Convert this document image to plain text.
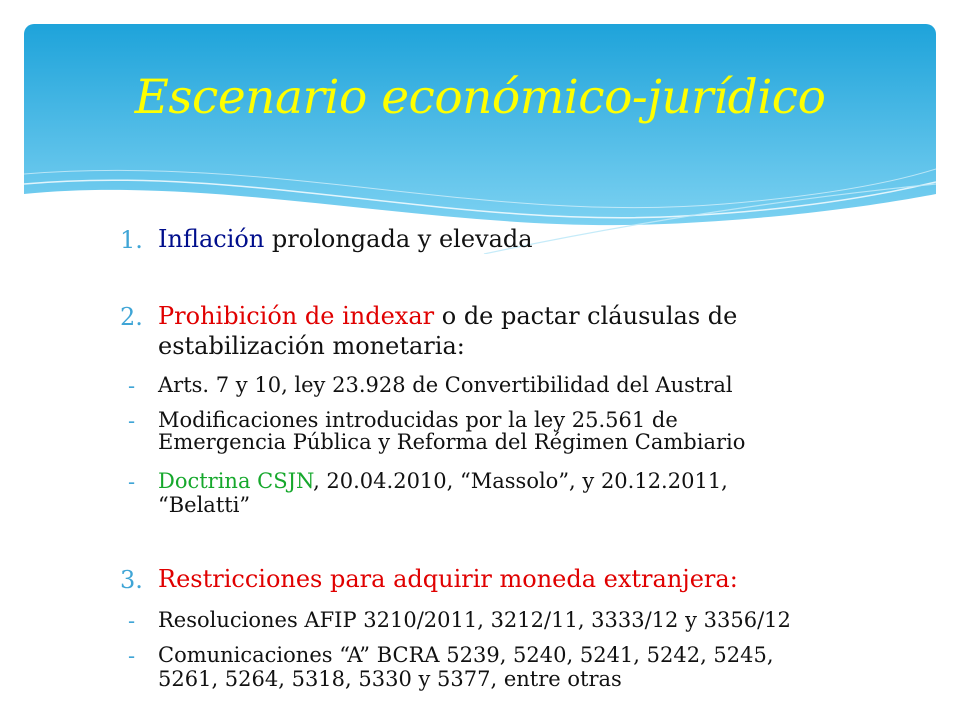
Escenario económico-jurídico
1. Inflación prolongada y elevada
2. Prohibición de indexar o de pactar cláusulas de
estabilización monetaria:
- Arts. 7 y 10, ley 23.928 de Convertibilidad del Austral
- Modificaciones introducidas por la ley 25.561 de
Emergencia Pública y Reforma del Régimen Cambiario
- Doctrina CSJN, 20.04.2010, “Massolo”, y 20.12.2011,
“Belatti”
3. Restricciones para adquirir moneda extranjera:
- Resoluciones AFIP 3210/2011, 3212/11, 3333/12 y 3356/12
- Comunicaciones “A” BCRA 5239, 5240, 5241, 5242, 5245,
5261, 5264, 5318, 5330 y 5377, entre otras
